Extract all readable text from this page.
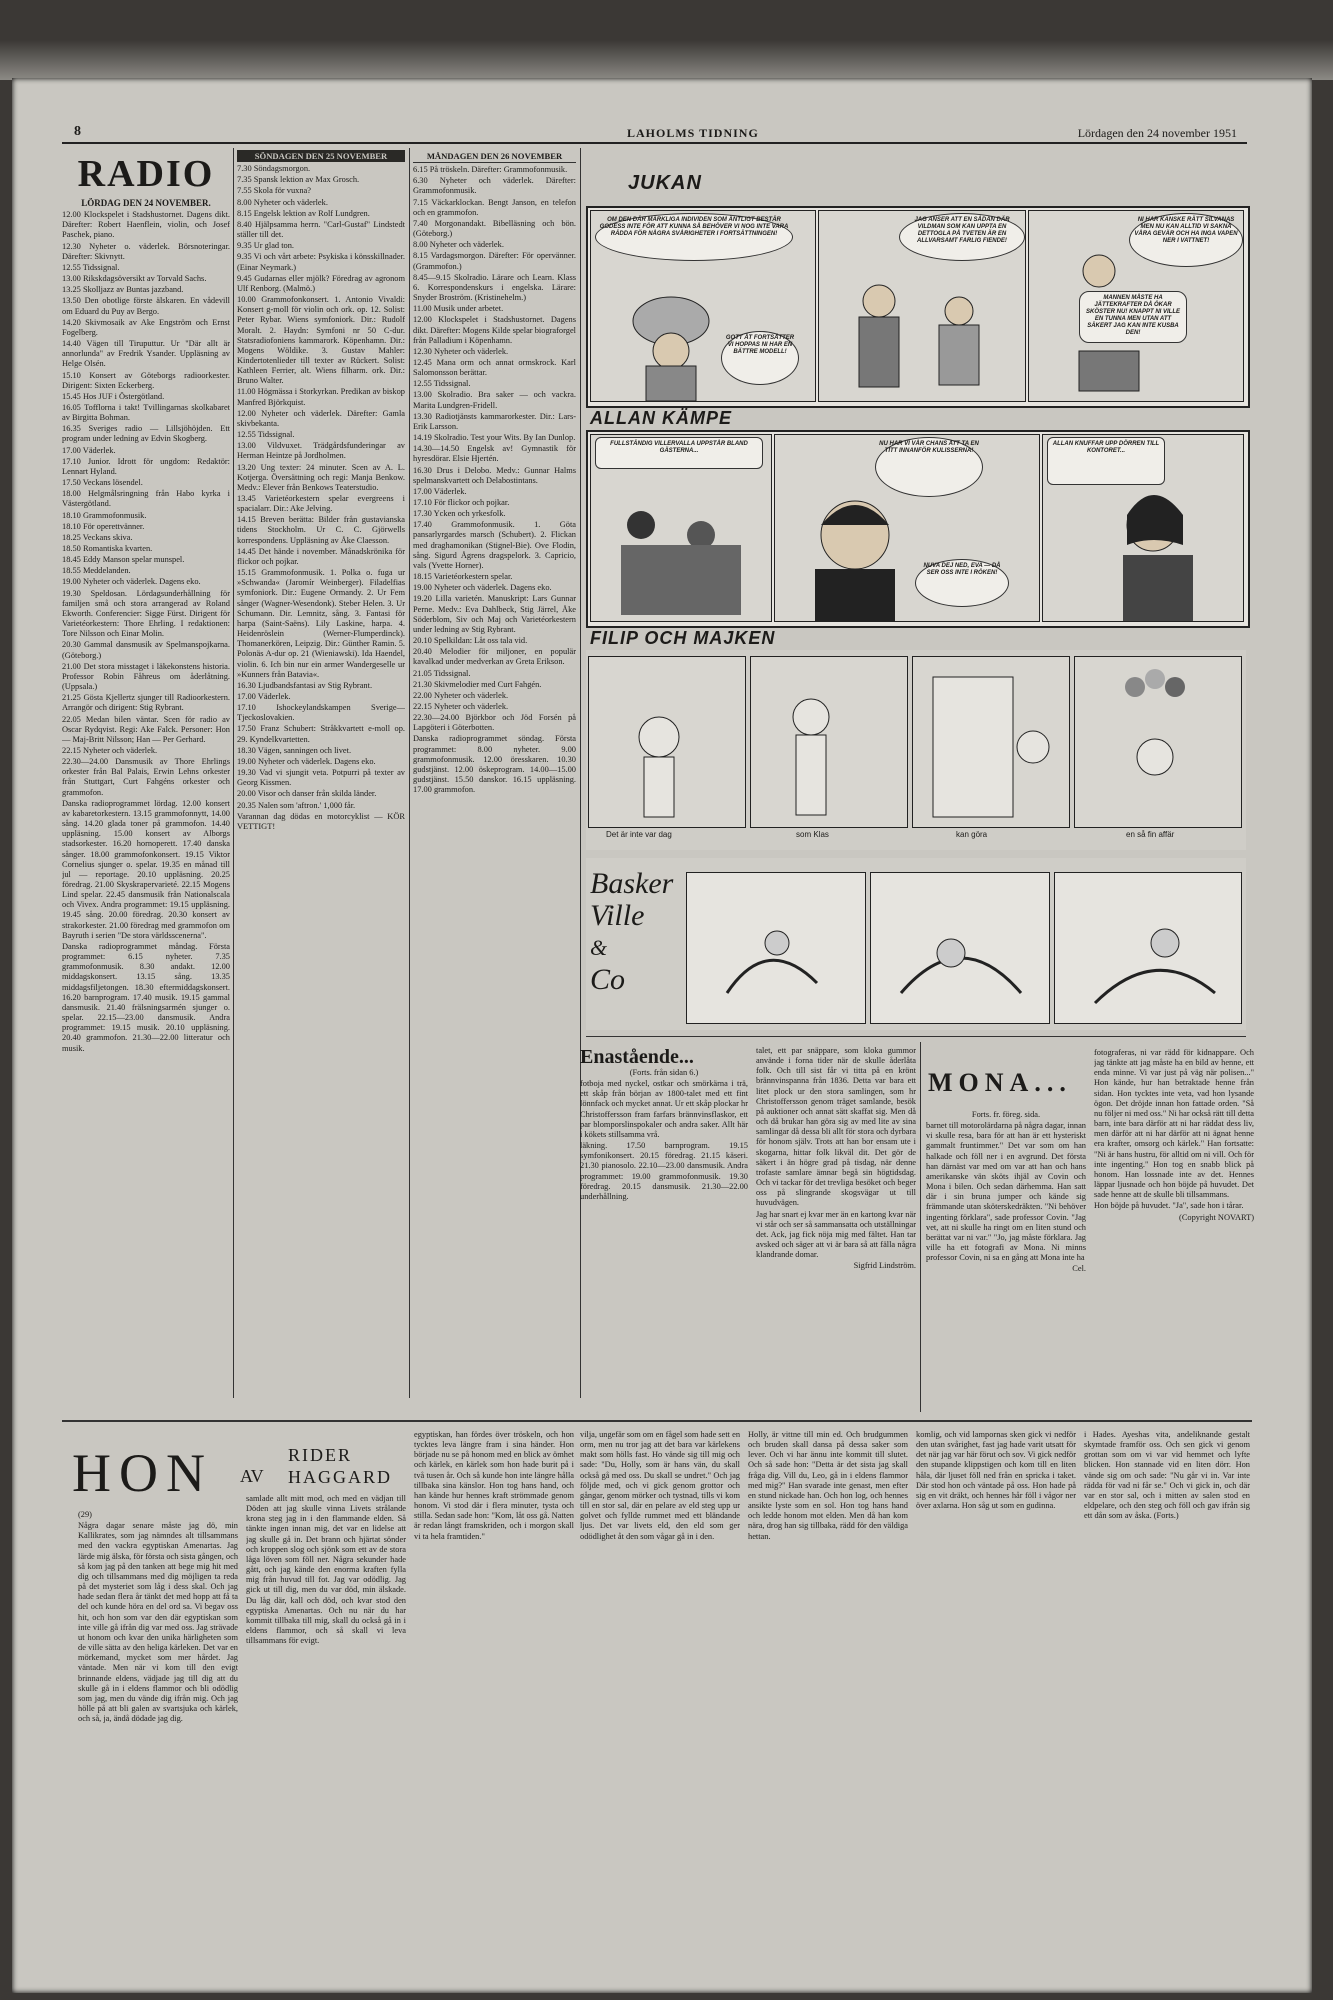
8	LAHOLMS TIDNING	Lördagen den 24 november 1951
RADIO
LÖRDAG DEN 24 NOVEMBER.

12.00 Klockspelet i Stadshustornet. Dagens dikt. Därefter: Robert Haenflein, violin, och Josef Paschek, piano.

12.30 Nyheter o. väderlek. Börsnoteringar. Därefter: Skivnytt.

12.55 Tidssignal.

13.00 Rikskdagsöversikt av Torvald Sachs.

13.25 Skolljazz av Buntas jazzband.

13.50 Den obotlige förste älskaren. En vådevill om Eduard du Puy av Bergo.

14.20 Skivmosaik av Ake Engström och Ernst Fogelberg.

14.40 Vägen till Tiruputtur. Ur "Där allt är annorlunda" av Fredrik Ysander. Uppläsning av Helge Olsén.

15.10 Konsert av Göteborgs radioorkester. Dirigent: Sixten Eckerberg.

15.45 Hos JUF i Östergötland.

16.05 Tofflorna i takt! Tvillingarnas skolkabaret av Birgitta Bohman.

16.35 Sveriges radio — Lillsjöhöjden. Ett program under ledning av Edvin Skogberg.

17.00 Väderlek.

17.10 Junior. Idrott för ungdom: Redaktör: Lennart Hyland.

17.50 Veckans lösendel.

18.00 Helgmålsringning från Habo kyrka i Västergötland.

18.10 Grammofonmusik.

18.10 För operettvänner.

18.25 Veckans skiva.

18.50 Romantiska kvarten.

18.45 Eddy Manson spelar munspel.

18.55 Meddelanden.

19.00 Nyheter och väderlek. Dagens eko.

19.30 Speldosan. Lördagsunderhållning för familjen små och stora arrangerad av Roland Ekworth. Conferencier: Sigge Fürst. Dirigent för Varietéorkestern: Thore Ehrling. I redaktionen: Tore Nilsson och Einar Molin.

20.30 Gammal dansmusik av Spelmanspojkarna. (Göteborg.)

21.00 Det stora misstaget i läkekonstens historia. Professor Robin Fåhreus om åderlåtning. (Uppsala.)

21.25 Gösta Kjellertz sjunger till Radioorkestern. Arrangör och dirigent: Stig Rybrant.

22.05 Medan bilen väntar. Scen för radio av Oscar Rydqvist. Regi: Ake Falck. Personer: Hon — Maj-Britt Nilsson; Han — Per Gerhard.

22.15 Nyheter och väderlek.

22.30—24.00 Dansmusik av Thore Ehrlings orkester från Bal Palais, Erwin Lehns orkester från Stuttgart, Curt Fahgéns orkester och grammofon.

Danska radioprogrammet lördag. 12.00 konsert av kabaretorkestern. 13.15 grammofonnytt, 14.00 sång. 14.20 glada toner på grammofon. 14.40 uppläsning. 15.00 konsert av Alborgs stadsorkester. 16.20 hornoperett. 17.40 danska sånger. 18.00 grammofonkonsert. 19.15 Viktor Cornelius sjunger o. spelar. 19.35 en månad till jul — reportage. 20.10 uppläsning. 20.25 föredrag. 21.00 Skyskrapervarieté. 22.15 Mogens Lind spelar. 22.45 dansmusik från Nationalscala och Vivex. Andra programmet: 19.15 uppläsning. 19.45 sång. 20.00 föredrag. 20.30 konsert av strakorkester. 21.00 föredrag med grammofon om Bayruth i serien "De stora världsscenerna".

Danska radioprogrammet måndag. Första programmet: 6.15 nyheter. 7.35 grammofonmusik. 8.30 andakt. 12.00 middagskonsert. 13.15 sång. 13.35 middagsfiljetongen. 18.30 eftermiddagskonsert. 16.20 barnprogram. 17.40 musik. 19.15 gammal dansmusik. 21.40 frälsningsarmén sjunger o. spelar. 22.15—23.00 dansmusik. Andra programmet: 19.15 musik. 20.10 uppläsning. 20.40 grammofon. 21.30—22.00 litteratur och musik.

SÖNDAGEN DEN 25 NOVEMBER

7.30 Söndagsmorgon.

7.35 Spansk lektion av Max Grosch.

7.55 Skola för vuxna?

8.00 Nyheter och väderlek.

8.15 Engelsk lektion av Rolf Lundgren.

8.40 Hjälpsamma herrn. "Carl-Gustaf" Lindstedt ställer till det.

9.35 Ur glad ton.

9.35 Vi och vårt arbete: Psykiska i könsskillnader. (Einar Neymark.)

9.45 Gudarnas eller mjölk? Föredrag av agronom Ulf Renborg. (Malmö.)

10.00 Grammofonkonsert. 1. Antonio Vivaldi: Konsert g-moll för violin och ork. op. 12. Solist: Peter Rybar. Wiens symfoniork. Dir.: Rudolf Moralt. 2. Haydn: Symfoni nr 50 C-dur. Statsradiofoniens kammarork. Köpenhamn. Dir.: Mogens Wöldike. 3. Gustav Mahler: Kindertotenlieder till texter av Rückert. Solist: Kathleen Ferrier, alt. Wiens filharm. ork. Dir.: Bruno Walter.

11.00 Högmässa i Storkyrkan. Predikan av biskop Manfred Björkquist.

12.00 Nyheter och väderlek. Därefter: Gamla skivbekanta.

12.55 Tidssignal.

13.00 Vildvuxet. Trädgårdsfunderingar av Herman Heintze på Jordholmen.

13.20 Ung texter: 24 minuter. Scen av A. L. Kotjerga. Översättning och regi: Manja Benkow. Medv.: Elever från Benkows Teaterstudio.

13.45 Varietéorkestern spelar evergreens i spacialarr. Dir.: Ake Jelving.

14.15 Breven berätta: Bilder från gustavianska tidens Stockholm. Ur C. C. Gjörwells korrespondens. Uppläsning av Åke Claesson.

14.45 Det hände i november. Månadskrönika för flickor och pojkar.

15.15 Grammofonmusik. 1. Polka o. fuga ur »Schwanda« (Jaromír Weinberger). Filadelfias symfoniork. Dir.: Eugene Ormandy. 2. Ur Fem sånger (Wagner-Wesendonk). Steber Helen. 3. Ur Schumann. Dir. Lemnitz, sång. 3. Fantasi för harpa (Saint-Saëns). Lily Laskine, harpa. 4. Heidenröslein (Werner-Flumperdinck). Thomanerkören, Leipzig. Dir.: Günther Ramin. 5. Polonäs A-dur op. 21 (Wieniawski). Ida Haendel, violin. 6. Ich bin nur ein armer Wandergeselle ur »Kunners från Batavia«.

16.30 Ljudbandsfantasi av Stig Rybrant.

17.00 Väderlek.

17.10 Ishockeylandskampen Sverige—Tjeckoslovakien.

17.50 Franz Schubert: Stråkkvartett e-moll op. 29. Kyndelkvartetten.

18.30 Vägen, sanningen och livet.

19.00 Nyheter och väderlek. Dagens eko.

19.30 Vad vi sjungit veta. Potpurri på texter av Georg Kissmen.

20.00 Visor och danser från skilda länder.

20.35 Nalen som 'aftron.' 1,000 får.

Varannan dag dödas en motorcyklist — KÖR VETTIGT!

MÅNDAGEN DEN 26 NOVEMBER

6.15 På tröskeln. Därefter: Grammofonmusik.

6.30 Nyheter och väderlek. Därefter: Grammofonmusik.

7.15 Väckarklockan. Bengt Janson, en telefon och en grammofon.

7.40 Morgonandakt. Bibelläsning och bön. (Göteborg.)

8.00 Nyheter och väderlek.

8.15 Vardagsmorgon. Därefter: För opervänner. (Grammofon.)

8.45—9.15 Skolradio. Lärare och Learn. Klass 6. Korrespondenskurs i engelska. Lärare: Snyder Broström. (Kristinehelm.)

11.00 Musik under arbetet.

12.00 Klockspelet i Stadshustornet. Dagens dikt. Därefter: Mogens Kilde spelar biograforgel från Palladium i Köpenhamn.

12.30 Nyheter och väderlek.

12.45 Mana orm och annat ormskrock. Karl Salomonsson berättar.

12.55 Tidssignal.

13.00 Skolradio. Bra saker — och vackra. Marita Lundgren-Fridell.

13.30 Radiotjänsts kammarorkester. Dir.: Lars-Erik Larsson.

14.19 Skolradio. Test your Wits. By Ian Dunlop.

14.30—14.50 Engelsk av! Gymnastik för hyresdörar. Elsie Hjertén.

16.30 Drus i Delobo. Medv.: Gunnar Halms spelmanskvartett och Delabostintans.

17.00 Väderlek.

17.10 För flickor och pojkar.

17.30 Ycken och yrkesfolk.

17.40 Grammofonmusik. 1. Göta pansarlyrgardes marsch (Schubert). 2. Flickan med draghamonikan (Stignel-Bie). Ove Flodin, sång. Sigurd Ågrens dragspelork. 3. Capricio, vals (Yvette Horner).

18.15 Varietéorkestern spelar.

19.00 Nyheter och väderlek. Dagens eko.

19.20 Lilla varietén. Manuskript: Lars Gunnar Perne. Medv.: Eva Dahlbeck, Stig Järrel, Åke Söderblom, Siv och Maj och Varietéorkestern under ledning av Stig Rybrant.

20.10 Spelkildan: Låt oss tala vid.

20.40 Melodier för miljoner, en populär kavalkad under medverkan av Greta Erikson.

21.05 Tidssignal.

21.30 Skivmelodier med Curt Fahgén.

22.00 Nyheter och väderlek.

22.15 Nyheter och väderlek.

22.30—24.00 Björkbor och Jöd Forsén på Lapgöteri i Göterbotten.

Danska radioprogrammet söndag. Första programmet: 8.00 nyheter. 9.00 grammofonmusik. 12.00 öresskaren. 10.30 gudstjänst. 12.00 öskeprogram. 14.00—15.00 gudstjänst. 15.50 danskor. 16.15 uppläsning. 17.00 grammofon.

JUKAN
OM DEN DÄR MÄRKLIGA INDIVIDEN SOM ÄNTLIGT BESTÄR GODESS INTE FÖR ATT KUNNA SÅ BEHÖVER VI NOG INTE VARA RÄDDA FÖR NÅGRA SVÅRIGHETER I FORTSÄTTNINGEN!
GOTT ÅT FORTSÄTTER VI HOPPAS NI HAR EN BÄTTRE MODELL!
JAG ANSER ATT EN SÅDAN DÄR VILDMAN SOM KAN UPPTA EN DETTOGLA PÅ TVETEN ÄR EN ALLVARSAMT FARLIG FIENDE!
NI HAR KANSKE RÄTT SILVANAS MEN NU KAN ALLTID VI SAKNA VÅRA GEVÄR OCH HA INGA VAPEN NER I VATTNET!
MANNEN MÅSTE HA JÄTTEKRAFTER DÅ ÖKAR SKÖSTER NU! KNAPPT NI VILLE EN TUNNA MEN UTAN ATT SÄKERT JAG KAN INTE KUSBA DEN!
ALLAN KÄMPE
FULLSTÄNDIG VILLERVALLA UPPSTÅR BLAND GÄSTERNA...
NU HAR VI VÅR CHANS ATT TA EN TITT INNANFÖR KULISSERNA!
NUVA DEJ NED, EVA — DÅ SER OSS INTE I RÖKEN!
ALLAN KNUFFAR UPP DÖRREN TILL KONTORET...
FILIP OCH MAJKEN
Det är inte var dag	som Klas	kan göra	en så fin affär
Basker
Ville
&
Co
Enastående...

(Forts. från sidan 6.)

fotboja med nyckel, ostkar och smörkärna i trä, ett skåp från början av 1800-talet med ett fint lönnfack och mycket annat. Ur ett skåp plockar hr Christoffersson fram farfars brännvinsflaskor, ett par blomporslinspokaler och andra saker. Allt här i kökets stillsamma vrå.

läkning. 17.50 barnprogram. 19.15 symfonikonsert. 20.15 föredrag. 21.15 käseri. 21.30 pianosolo. 22.10—23.00 dansmusik. Andra programmet: 19.00 grammofonmusik. 19.30 föredrag. 20.15 dansmusik. 21.30—22.00 underhållning.

talet, ett par snäppare, som kloka gummor använde i forna tider när de skulle åderlåta folk. Och till sist får vi titta på en krönt brännvinspanna från 1836. Detta var bara ett litet plock ur den stora samlingen, som hr Christoffersson genom träget samlande, besök på auktioner och annat sätt skaffat sig. Men då och då brukar han göra sig av med lite av sina samlingar då dessa bli allt för stora och dyrbara för honom själv. Trots att han bor ensam ute i skogarna, hittar folk likväl dit. Det gör de säkert i än högre grad på tisdag, när denne trofaste samlare ämnar begå sin högtidsdag. Och vi tackar för det trevliga besöket och beger oss på slingrande skogsvägar ut till huvudvägen.

Jag har snart ej kvar mer än en kartong kvar när vi står och ser så sammansatta och utställningar det. Ack, jag fick nöja mig med fältet. Han tar avsked och säger att vi är bara så att fälla några klandrande domar.

Sigfrid Lindström.

MONA...

Forts. fr. föreg. sida.

barnet till motorolärdarna på några dagar, innan vi skulle resa, bara för att han är ett hysteriskt gammalt fruntimmer." Det var som om han halkade och föll ner i en avgrund. Det första han därnäst var med om var att han och hans amerikanske vän sköts ihjäl av Covin och Mona i bilen. Och sedan därhemma. Han satt där i sin bruna jumper och kände sig främmande utan sköterskedräkten. "Ni behöver ingenting förklara", sade professor Covin. "Jag vet, att ni skulle ha ringt om en liten stund och berättat var ni var." "Jo, jag måste förklara. Jag ville ha ett fotografi av Mona. Ni minns professor Covin, ni sa en gång att Mona inte ha

Cel.

fotograferas, ni var rädd för kidnappare. Och jag tänkte att jag måste ha en bild av henne, ett enda minne. Vi var just på väg när polisen..." Hon kände, hur han betraktade henne från sidan. Hon tycktes inte veta, vad hon lysande ögon. Det dröjde innan hon fattade orden. "Så nu följer ni med oss." Ni har också rätt till detta barn, inte bara därför att ni har räddat dess liv, men därför att ni har därför att ni ägnat henne era krafter, omsorg och kärlek." Han fortsatte: "Ni är hans hustru, för alltid om ni vill. Och för inte ingenting." Hon tog en snabb blick på honom. Han lossnade inte av det. Hennes läppar ljusnade och hon böjde på huvudet. Det sade henne att de skulle bli tillsammans.

Hon böjde på huvudet. "Ja", sade hon i tårar.

(Copyright NOVART)

HON AV
RIDER
HAGGARD

(29)

Några dagar senare måste jag dö, min Kallikrates, som jag nämndes alt tillsammans med den vackra egyptiskan Amenartas. Jag lärde mig älska, för första och sista gången, och så kom jag på den tanken att bege mig hit med dig och tillsammans med dig möjligen ta reda på det mysteriet som låg i dess skal. Och jag hade sedan flera år tänkt det med hopp att få ta del och kunde höra en del ord sa. Vi begav oss hit, och hon som var den där egyptiskan som inte ville gå ifrån dig var med oss. Jag strävade ut honom och kvar den unika härligheten som de ville sätta av den heliga kärleken. Det var en mörkemand, mycket som mer hårdet. Jag väntade. Men när vi kom till den evigt brinnande eldens, vädjade jag till dig att du skulle gå in i eldens flammor och bli odödlig som jag, men du vände dig ifrån mig. Och jag hölle på att bli galen av svartsjuka och kärlek, och så, ja, ändå dödade jag dig.

samlade allt mitt mod, och med en vädjan till Döden att jag skulle vinna Livets strålande krona steg jag in i den flammande elden. Så tänkte ingen innan mig, det var en lidelse att jag skulle gå in. Det brann och hjärtat sönder och kroppen slog och sjönk som ett av de stora låga löven som föll ner. Några sekunder hade gått, och jag kände den enorma kraften fylla mig från huvud till fot. Jag var odödlig. Jag gick ut till dig, men du var död, min älskade. Du låg där, kall och död, och kvar stod den egyptiska Amenartas. Och nu när du har kommit tillbaka till mig, skall du också gå in i eldens flammor, och så skall vi leva tillsammans för evigt.

egyptiskan, han fördes över tröskeln, och hon tycktes leva längre fram i sina händer. Hon började nu se på honom med en blick av ömhet och kärlek, en kärlek som hon hade burit på i två tusen år. Och så kunde hon inte längre hålla tillbaka sina känslor. Hon tog hans hand, och han kände hur hennes kraft strömmade genom honom. Vi stod där i flera minuter, tysta och stilla. Sedan sade hon: "Kom, låt oss gå. Natten är redan långt framskriden, och i morgon skall vi ta hela framtiden."

vilja, ungefär som om en fågel som hade sett en orm, men nu tror jag att det bara var kärlekens makt som hölls fast. Ho vände sig till mig och sade: "Du, Holly, som är hans vän, du skall också gå med oss. Du skall se undret." Och jag följde med, och vi gick genom grottor och gångar, genom mörker och tystnad, tills vi kom till en stor sal, där en pelare av eld steg upp ur golvet och fyllde rummet med ett bländande ljus. Det var livets eld, den eld som ger odödlighet åt den som vågar gå in i den.

Holly, är vittne till min ed. Och brudgummen och bruden skall dansa på dessa saker som lever. Och vi har ännu inte kommit till slutet. Och så sade hon: "Detta är det sista jag skall fråga dig. Vill du, Leo, gå in i eldens flammor med mig?" Han svarade inte genast, men efter en stund nickade han. Och hon log, och hennes ansikte lyste som en sol. Hon tog hans hand och ledde honom mot elden. Men då han kom nära, drog han sig tillbaka, rädd för den väldiga hettan.

komlig, och vid lampornas sken gick vi nedför den utan svårighet, fast jag hade varit utsatt för det när jag var här förut och sov. Vi gick nedför den stupande klippstigen och kom till en liten håla, där ljuset föll ned från en spricka i taket. Där stod hon och väntade på oss. Hon hade på sig en vit dräkt, och hennes hår föll i vågor ner över axlarna. Hon såg ut som en gudinna.

i Hades. Ayeshas vita, andeliknande gestalt skymtade framför oss. Och sen gick vi genom grottan som om vi var vid hemmet och lyfte blicken. Hon stannade vid en liten dörr. Hon vände sig om och sade: "Nu går vi in. Var inte rädda för vad ni får se." Och vi gick in, och där var en stor sal, och i mitten av salen stod en eldpelare, och den steg och föll och gav ifrån sig ett dån som av åska. (Forts.)
